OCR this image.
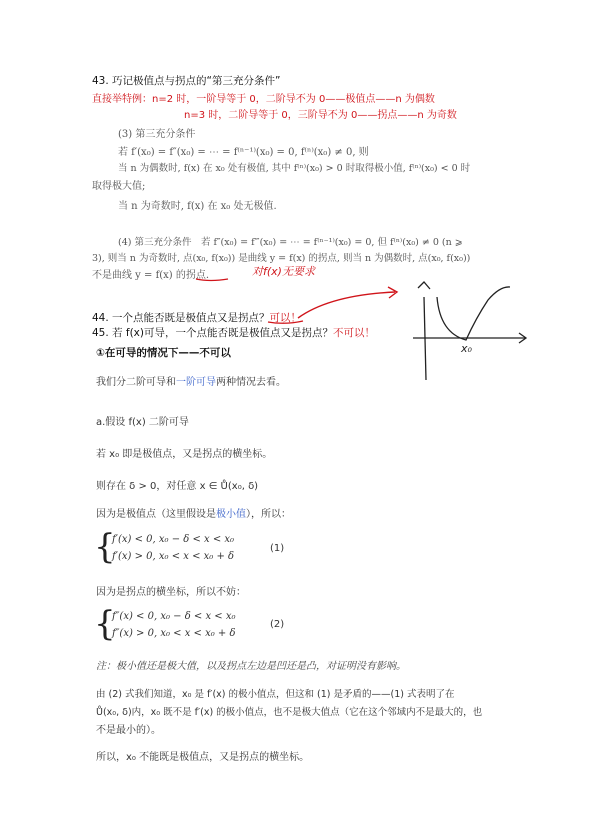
43. 巧记极值点与拐点的“第三充分条件”
直接举特例：n=2 时，一阶导等于 0，二阶导不为 0——极值点——n 为偶数
n=3 时，二阶导等于 0，三阶导不为 0——拐点——n 为奇数
(3) 第三充分条件
若 f′(x₀) = f″(x₀) = ⋯ = f⁽ⁿ⁻¹⁾(x₀) = 0, f⁽ⁿ⁾(x₀) ≠ 0, 则
当 n 为偶数时, f(x) 在 x₀ 处有极值, 其中 f⁽ⁿ⁾(x₀) > 0 时取得极小值, f⁽ⁿ⁾(x₀) < 0 时
取得极大值;
当 n 为奇数时, f(x) 在 x₀ 处无极值.
(4) 第三充分条件　若 f″(x₀) = f‴(x₀) = ⋯ = f⁽ⁿ⁻¹⁾(x₀) = 0, 但 f⁽ⁿ⁾(x₀) ≠ 0 (n ⩾
3), 则当 n 为奇数时, 点(x₀, f(x₀)) 是曲线 y = f(x) 的拐点, 则当 n 为偶数时, 点(x₀, f(x₀))
不是曲线 y = f(x) 的拐点.	对f(x)无要求
44. 一个点能否既是极值点又是拐点？可以！
45. 若 f(x)可导，一个点能否既是极值点又是拐点？不可以！
x₀
①在可导的情况下——不可以
我们分二阶可导和一阶可导两种情况去看。
a.假设 f(x) 二阶可导
若 x₀ 即是极值点，又是拐点的横坐标。
则存在 δ > 0，对任意 x ∈ Ů(x₀, δ)
因为是极值点（这里假设是极小值），所以：
{
f′(x) < 0, x₀ − δ < x < x₀
f′(x) > 0, x₀ < x < x₀ + δ
(1)
因为是拐点的横坐标，所以不妨：
{
f″(x) < 0, x₀ − δ < x < x₀
f″(x) > 0, x₀ < x < x₀ + δ
(2)
注：极小值还是极大值，以及拐点左边是凹还是凸，对证明没有影响。
由 (2) 式我们知道，x₀ 是 f′(x) 的极小值点，但这和 (1) 是矛盾的——(1) 式表明了在
Ů(x₀, δ)内，x₀ 既不是 f′(x) 的极小值点，也不是极大值点（它在这个邻域内不是最大的，也
不是最小的）。
所以，x₀ 不能既是极值点，又是拐点的横坐标。
